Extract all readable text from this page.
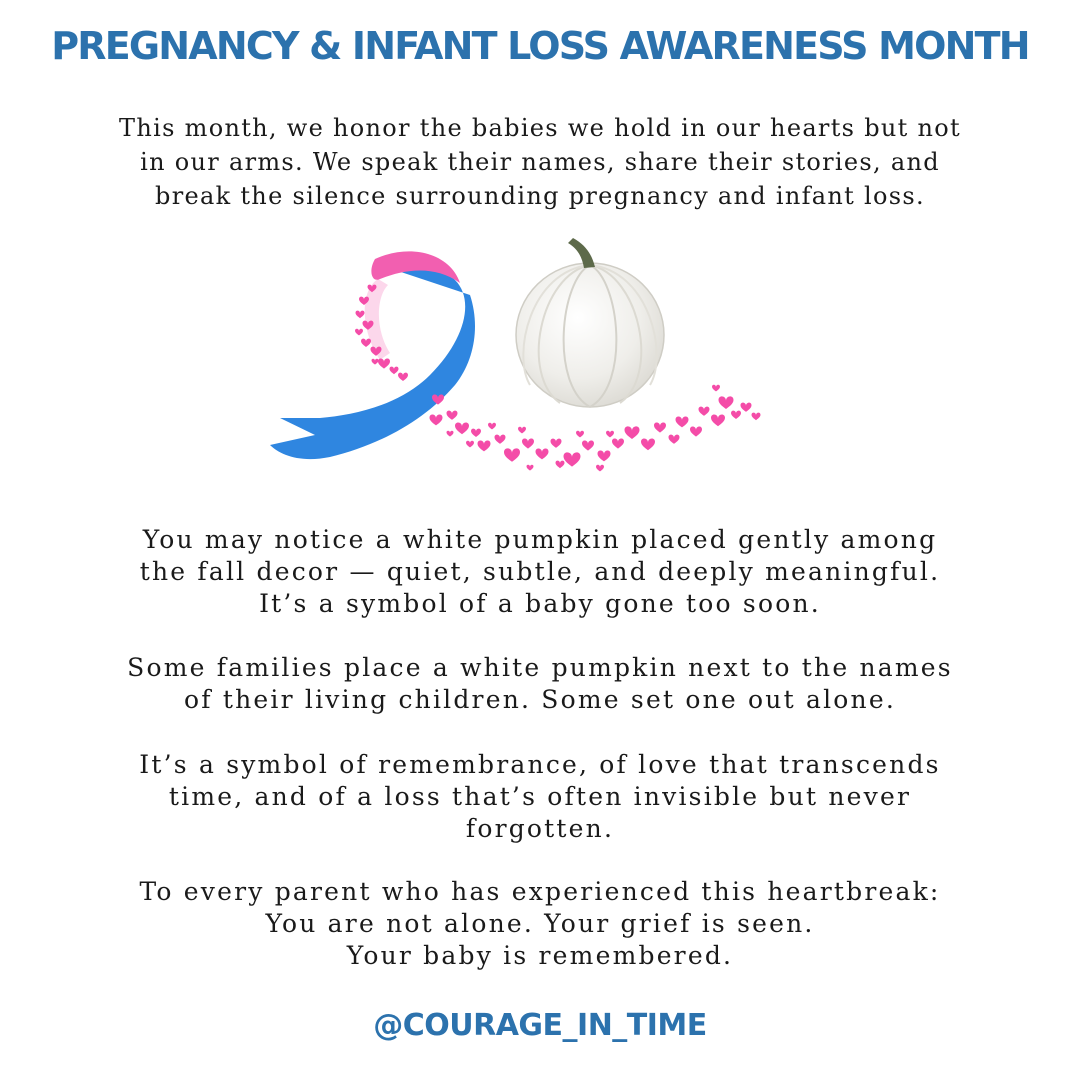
PREGNANCY & INFANT LOSS AWARENESS MONTH

This month, we honor the babies we hold in our hearts but not
in our arms. We speak their names, share their stories, and
break the silence surrounding pregnancy and infant loss.

You may notice a white pumpkin placed gently among
the fall decor — quiet, subtle, and deeply meaningful.
It’s a symbol of a baby gone too soon.

Some families place a white pumpkin next to the names
of their living children. Some set one out alone.

It’s a symbol of remembrance, of love that transcends
time, and of a loss that’s often invisible but never
forgotten.

To every parent who has experienced this heartbreak:
You are not alone. Your grief is seen.
Your baby is remembered.

@COURAGE_IN_TIME
